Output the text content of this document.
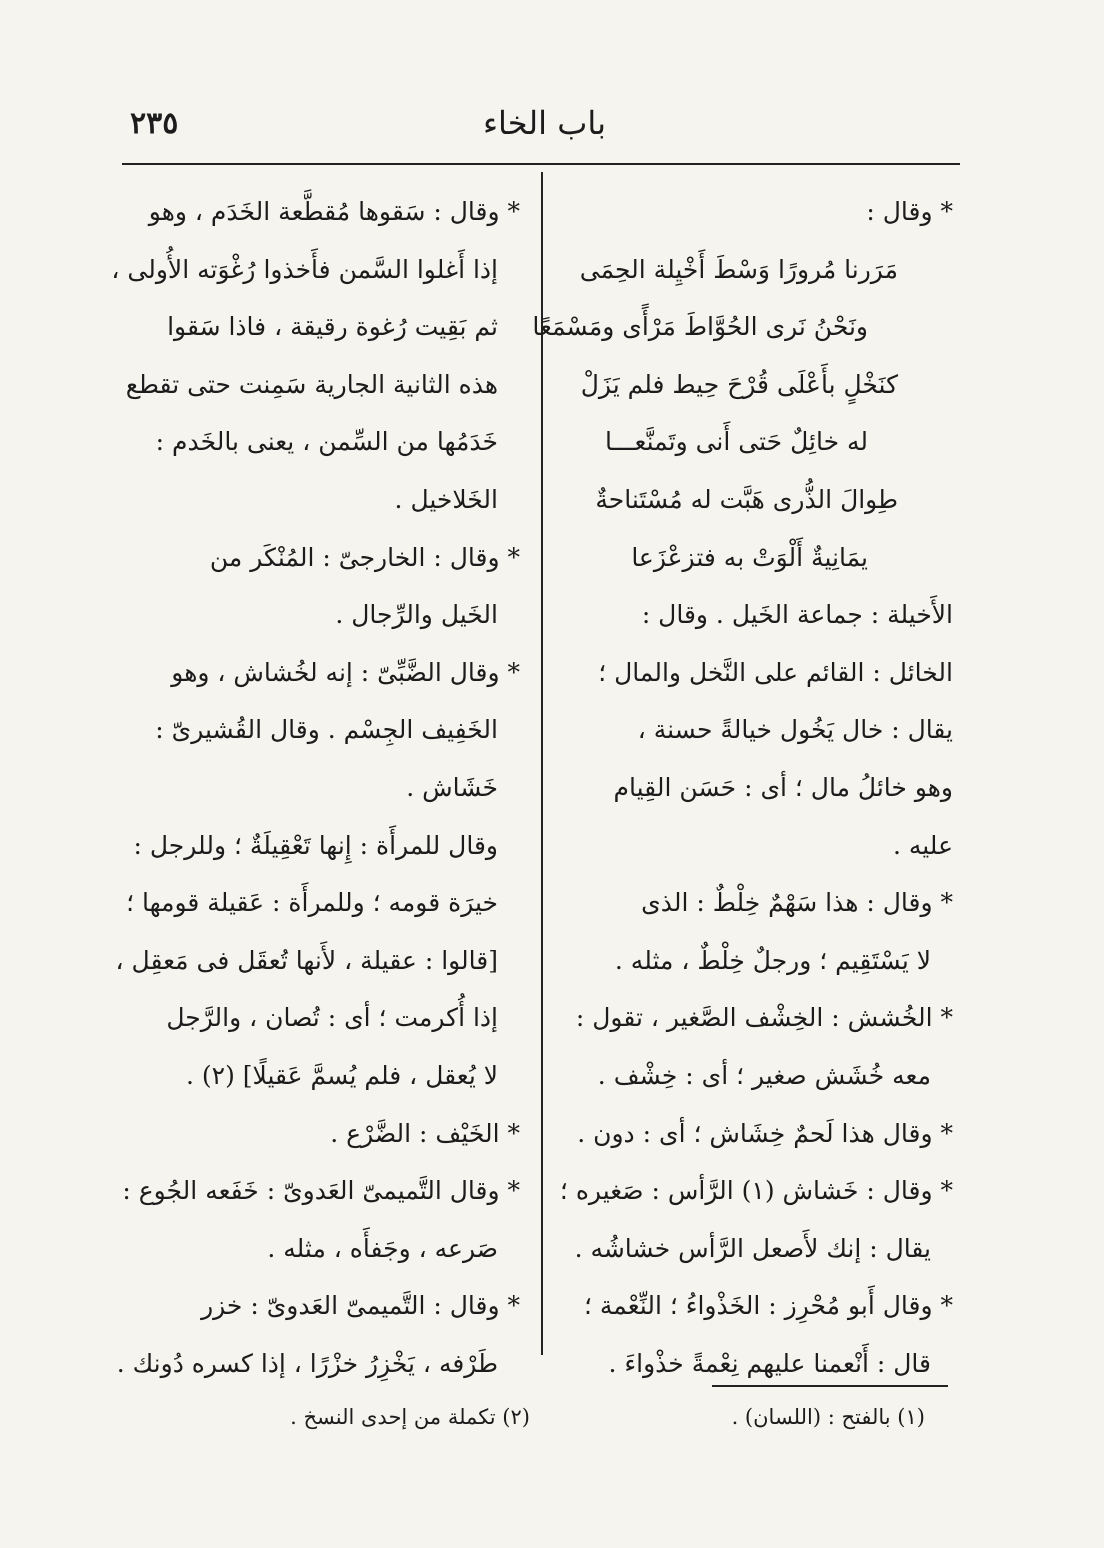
٢٣٥	باب الخاء
* وقال :
مَرَرنا مُرورًا وَسْطَ أَخْيِلة الحِمَى
ونَحْنُ نَرى الحُوَّاطَ مَرْأًى ومَسْمَعًا
كنَخْلٍ بأَعْلَى قُرْحَ حِيط فلم يَزَلْ
له خائِلٌ حَتى أَنى وتَمنَّعـــا
طِوالَ الذُّرى هَبَّت له مُسْتَناحةٌ
يمَانِيةٌ أَلْوَتْ به فتزعْزَعا
الأَخيلة : جماعة الخَيل . وقال :
الخائل : القائم على النَّخل والمال ؛
يقال : خال يَخُول خيالةً حسنة ،
وهو خائلُ مال ؛ أى : حَسَن القِيام
عليه .
* وقال : هذا سَهْمٌ خِلْطٌ : الذى
لا يَسْتَقِيم ؛ ورجلٌ خِلْطٌ ، مثله .
* الخُشش : الخِشْف الصَّغير ، تقول :
معه خُشَش صغير ؛ أى : خِشْف .
* وقال هذا لَحمٌ خِشَاش ؛ أى : دون .
* وقال : خَشاش (١) الرَّأس : صَغيره ؛
يقال : إنك لأَصعل الرَّأس خشاشُه .
* وقال أَبو مُحْرِز : الخَذْواءُ ؛ النِّعْمة ؛
قال : أَنْعمنا عليهم نِعْمةً خذْواءَ .
* وقال : سَقوها مُقطَّعة الخَدَم ، وهو
إذا أَغلوا السَّمن فأَخذوا رُغْوَته الأُولى ،
ثم بَقِيت رُغوة رقيقة ، فاذا سَقوا
هذه الثانية الجارية سَمِنت حتى تقطع
خَدَمُها من السِّمن ، يعنى بالخَدم :
الخَلاخيل .
* وقال : الخارجىّ : المُنْكَر من
الخَيل والرِّجال .
* وقال الضَّبِّىّ : إنه لخُشاش ، وهو
الخَفِيف الجِسْم . وقال القُشيرىّ :
خَشَاش .
وقال للمرأَة : إِنها تَعْقِيلَةٌ ؛ وللرجل :
خيرَة قومه ؛ وللمرأَة : عَقيلة قومها ؛
[قالوا : عقيلة ، لأَنها تُعقَل فى مَعقِل ،
إذا أُكرمت ؛ أى : تُصان ، والرَّجل
لا يُعقل ، فلم يُسمَّ عَقيلًا] (٢) .
* الخَيْف : الضَّرْع .
* وقال التَّميمىّ العَدوىّ : خَفَعه الجُوع :
صَرعه ، وجَفأَه ، مثله .
* وقال : التَّميمىّ العَدوىّ : خزر
طَرْفه ، يَخْزِرُ خزْرًا ، إذا كسره دُونك .
(١) بالفتح : (اللسان) .
(٢) تكملة من إحدى النسخ .
